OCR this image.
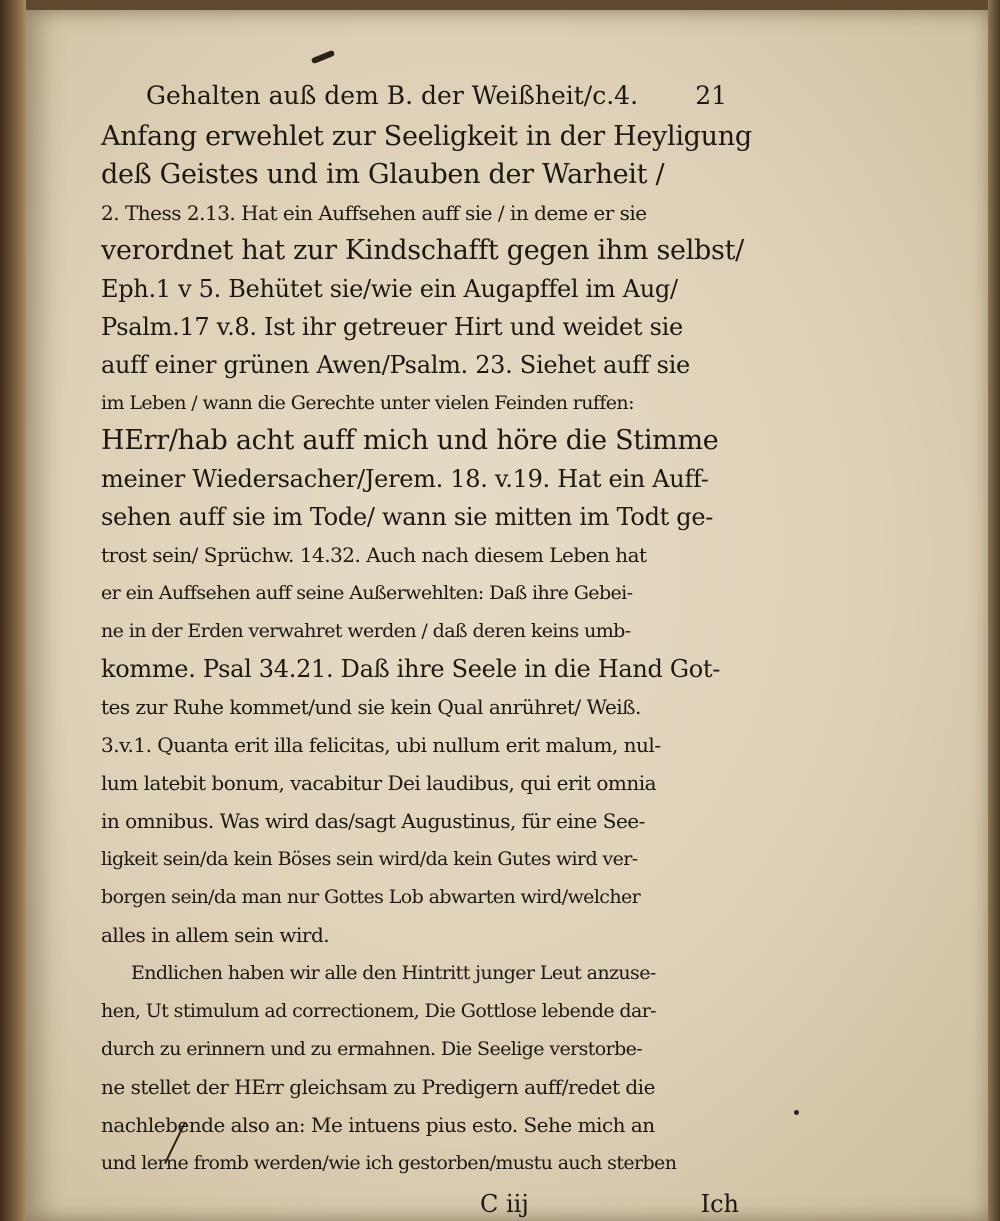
Gehalten auß dem B. der Weißheit/c.4. 21
Anfang erwehlet zur Seeligkeit in der Heyligung
deß Geistes und im Glauben der Warheit /
2. Thess 2.13. Hat ein Auffsehen auff sie / in deme er sie
verordnet hat zur Kindschafft gegen ihm selbst/
Eph.1 v 5. Behütet sie/wie ein Augapffel im Aug/
Psalm.17 v.8. Ist ihr getreuer Hirt und weidet sie
auff einer grünen Awen/Psalm. 23. Siehet auff sie
im Leben / wann die Gerechte unter vielen Feinden ruffen:
HErr/hab acht auff mich und höre die Stimme
meiner Wiedersacher/Jerem. 18. v.19. Hat ein Auff-
sehen auff sie im Tode/ wann sie mitten im Todt ge-
trost sein/ Sprüchw. 14.32. Auch nach diesem Leben hat
er ein Auffsehen auff seine Außerwehlten: Daß ihre Gebei-
ne in der Erden verwahret werden / daß deren keins umb-
komme. Psal 34.21. Daß ihre Seele in die Hand Got-
tes zur Ruhe kommet/und sie kein Qual anrühret/ Weiß.
3.v.1. Quanta erit illa felicitas, ubi nullum erit malum, nul-
lum latebit bonum, vacabitur Dei laudibus, qui erit omnia
in omnibus. Was wird das/sagt Augustinus, für eine See-
ligkeit sein/da kein Böses sein wird/da kein Gutes wird ver-
borgen sein/da man nur Gottes Lob abwarten wird/welcher
alles in allem sein wird.
Endlichen haben wir alle den Hintritt junger Leut anzuse-
hen, Ut stimulum ad correctionem, Die Gottlose lebende dar-
durch zu erinnern und zu ermahnen. Die Seelige verstorbe-
ne stellet der HErr gleichsam zu Predigern auff/redet die
nachlebende also an: Me intuens pius esto. Sehe mich an
und lerne fromb werden/wie ich gestorben/mustu auch sterben
C iij	Ich
